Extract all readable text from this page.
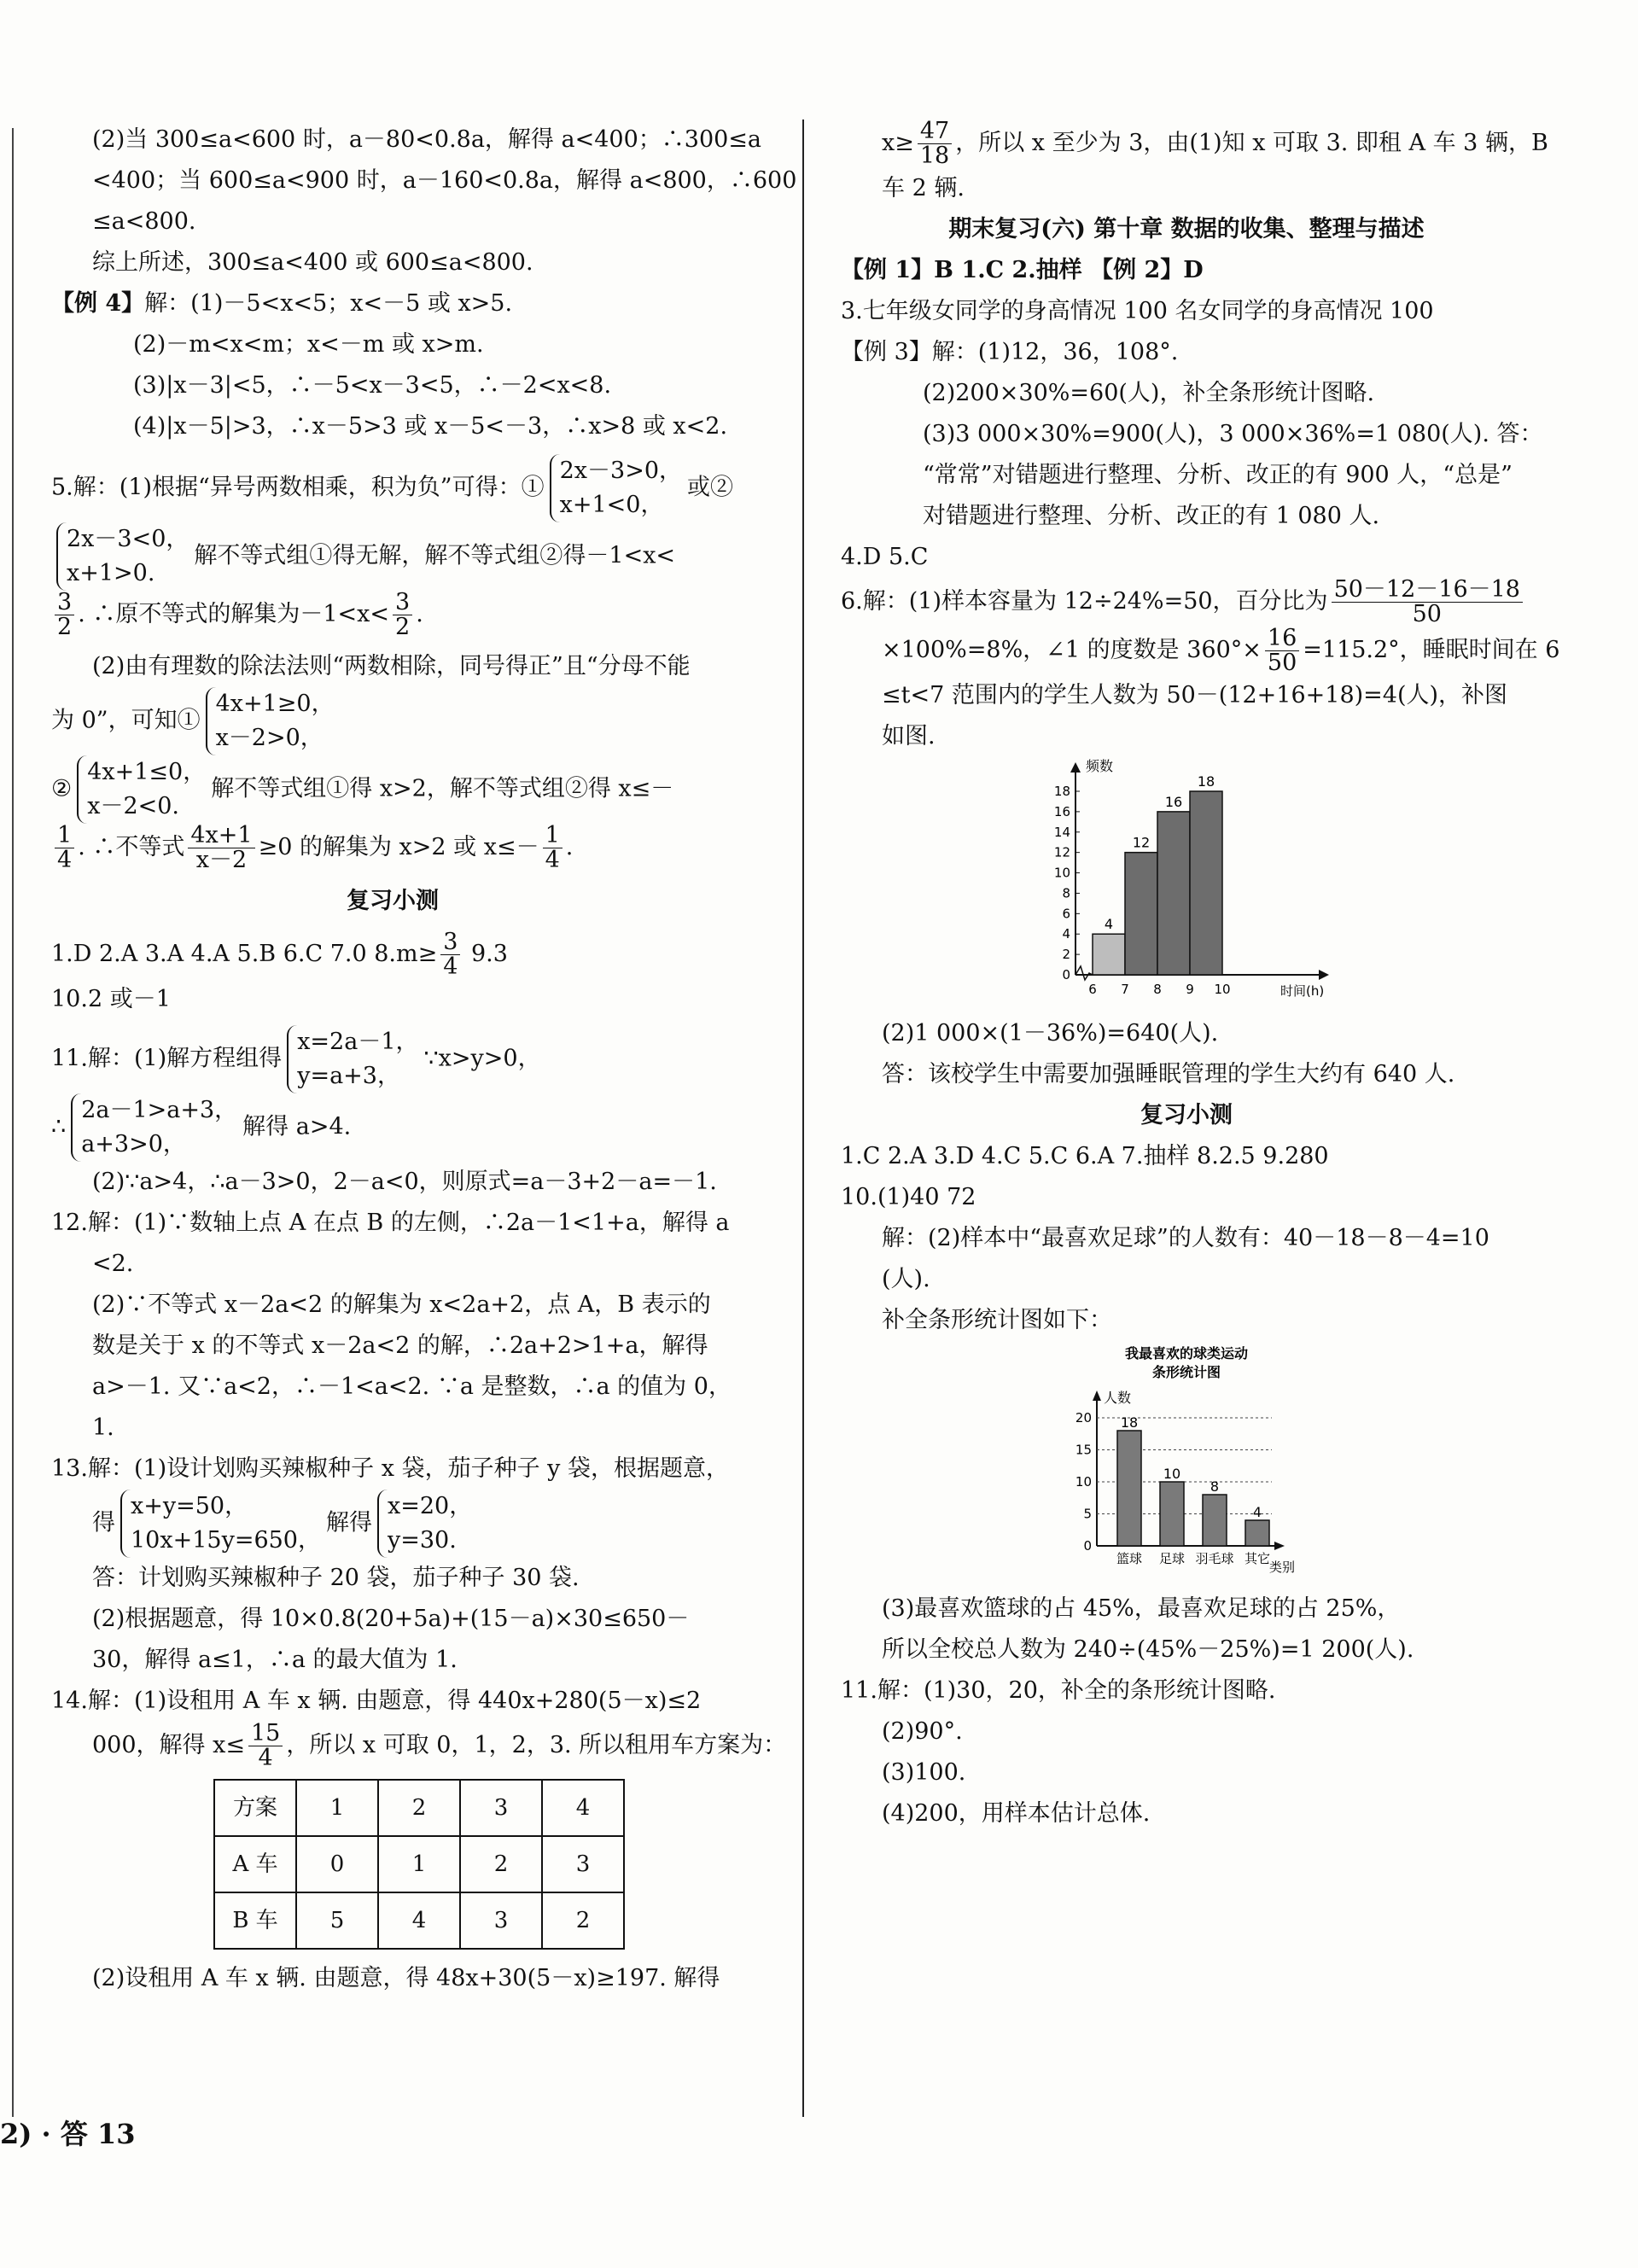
(2)当 300≤a<600 时，a－80<0.8a，解得 a<400；∴300≤a
<400；当 600≤a<900 时，a－160<0.8a，解得 a<800，∴600
≤a<800.
综上所述，300≤a<400 或 600≤a<800.
【例 4】解：(1)－5<x<5；x<－5 或 x>5.
(2)－m<x<m；x<－m 或 x>m.
(3)|x－3|<5，∴－5<x－3<5，∴－2<x<8.
(4)|x－5|>3，∴x－5>3 或 x－5<－3，∴x>8 或 x<2.
5.解：(1)根据“异号两数相乘，积为负”可得：①
2x－3>0，
x+1<0，
或②
2x－3<0，
x+1>0.
解不等式组①得无解，解不等式组②得－1<x<
$\frac{3}{2}$ . ∴原不等式的解集为$-1<x< \frac{3}{2}$ .
(2)由有理数的除法法则“两数相除，同号得正”且“分母不能
为 0”，可知①
4x+1≥0，
x－2>0，
②
4x+1≤0，
x－2<0.
解不等式组①得 x>2，解不等式组②得 x≤－
$\frac{1}{4}$ . ∴不等式 $\frac{4x+1}{x-2} \ge 0$ 的解集为 x>2 或 $x\le- \frac{1}{4}$ .
复习小测
1.D 2.A 3.A 4.A 5.B 6.C 7.0 $8.m\ge \frac{3}{4} 9.3$
10.2 或－1
11.解：(1)解方程组得
x=2a－1，
y=a+3，
∵x>y>0，
∴
2a－1>a+3，
a+3>0，
解得 a>4.
(2)∵a>4，∴a－3>0，2－a<0，则原式=a－3+2－a=－1.
12.解：(1)∵数轴上点 A 在点 B 的左侧，∴2a－1<1+a，解得 a
<2.
(2)∵不等式 x－2a<2 的解集为 x<2a+2，点 A，B 表示的
数是关于 x 的不等式 x－2a<2 的解，∴2a+2>1+a，解得
a>－1. 又∵a<2，∴－1<a<2. ∵a 是整数，∴a 的值为 0，
1.
13.解：(1)设计划购买辣椒种子 x 袋，茄子种子 y 袋，根据题意，
得
x+y=50，
10x+15y=650，
解得
x=20，
y=30.
答：计划购买辣椒种子 20 袋，茄子种子 30 袋.
(2)根据题意，得 10×0.8(20+5a)+(15－a)×30≤650－
30，解得 a≤1，∴a 的最大值为 1.
14.解：(1)设租用 A 车 x 辆. 由题意，得 440x+280(5－x)≤2
000，解得 $x\le \frac{15}{4}$ ，所以 x 可取 0，1，2，3. 所以租用车方案为：
方案	1	2	3	4
A 车	0	1	2	3
B 车	5	4	3	2
(2)设租用 A 车 x 辆. 由题意，得 48x+30(5－x)≥197. 解得
$x\ge \frac{47}{18}$ ，所以 x 至少为 3，由(1)知 x 可取 3. 即租 A 车 3 辆，B
车 2 辆.
期末复习(六) 第十章 数据的收集、整理与描述
【例 1】B 1.C 2.抽样 【例 2】D
3.七年级女同学的身高情况 100 名女同学的身高情况 100
【例 3】解：(1)12，36，108°.
(2)200×30%=60(人)，补全条形统计图略.
(3)3 000×30%=900(人)，3 000×36%=1 080(人). 答：
“常常”对错题进行整理、分析、改正的有 900 人，“总是”
对错题进行整理、分析、改正的有 1 080 人.
4.D 5.C
6.解：(1)样本容量为 12÷24%=50，百分比为 $\frac{50-12-16-18}{50}$
×100%=8%，∠1 的度数是 $360^\circ\times \frac{16}{50} =115.2^\circ$，睡眠时间在 6
≤t<7 范围内的学生人数为 50－(12+16+18)=4(人)，补图
如图.
0
2
4
6
8
10
12
14
16
18
4
12
16
18
6 7 8 9 10
频数
时间(h)
(2)1 000×(1－36%)=640(人).
答：该校学生中需要加强睡眠管理的学生大约有 640 人.
复习小测
1.C 2.A 3.D 4.C 5.C 6.A 7.抽样 8.2.5 9.280
10.(1)40 72
解：(2)样本中“最喜欢足球”的人数有：40－18－8－4=10
(人).
补全条形统计图如下：
我最喜欢的球类运动
条形统计图
人数
0
5
10
15
20 18
篮球
10
足球
8
羽毛球
4
其它
类别
(3)最喜欢篮球的占 45%，最喜欢足球的占 25%，
所以全校总人数为 240÷(45%－25%)=1 200(人).
11.解：(1)30，20，补全的条形统计图略.
(2)90°.
(3)100.
(4)200，用样本估计总体.
2) · 答 13
